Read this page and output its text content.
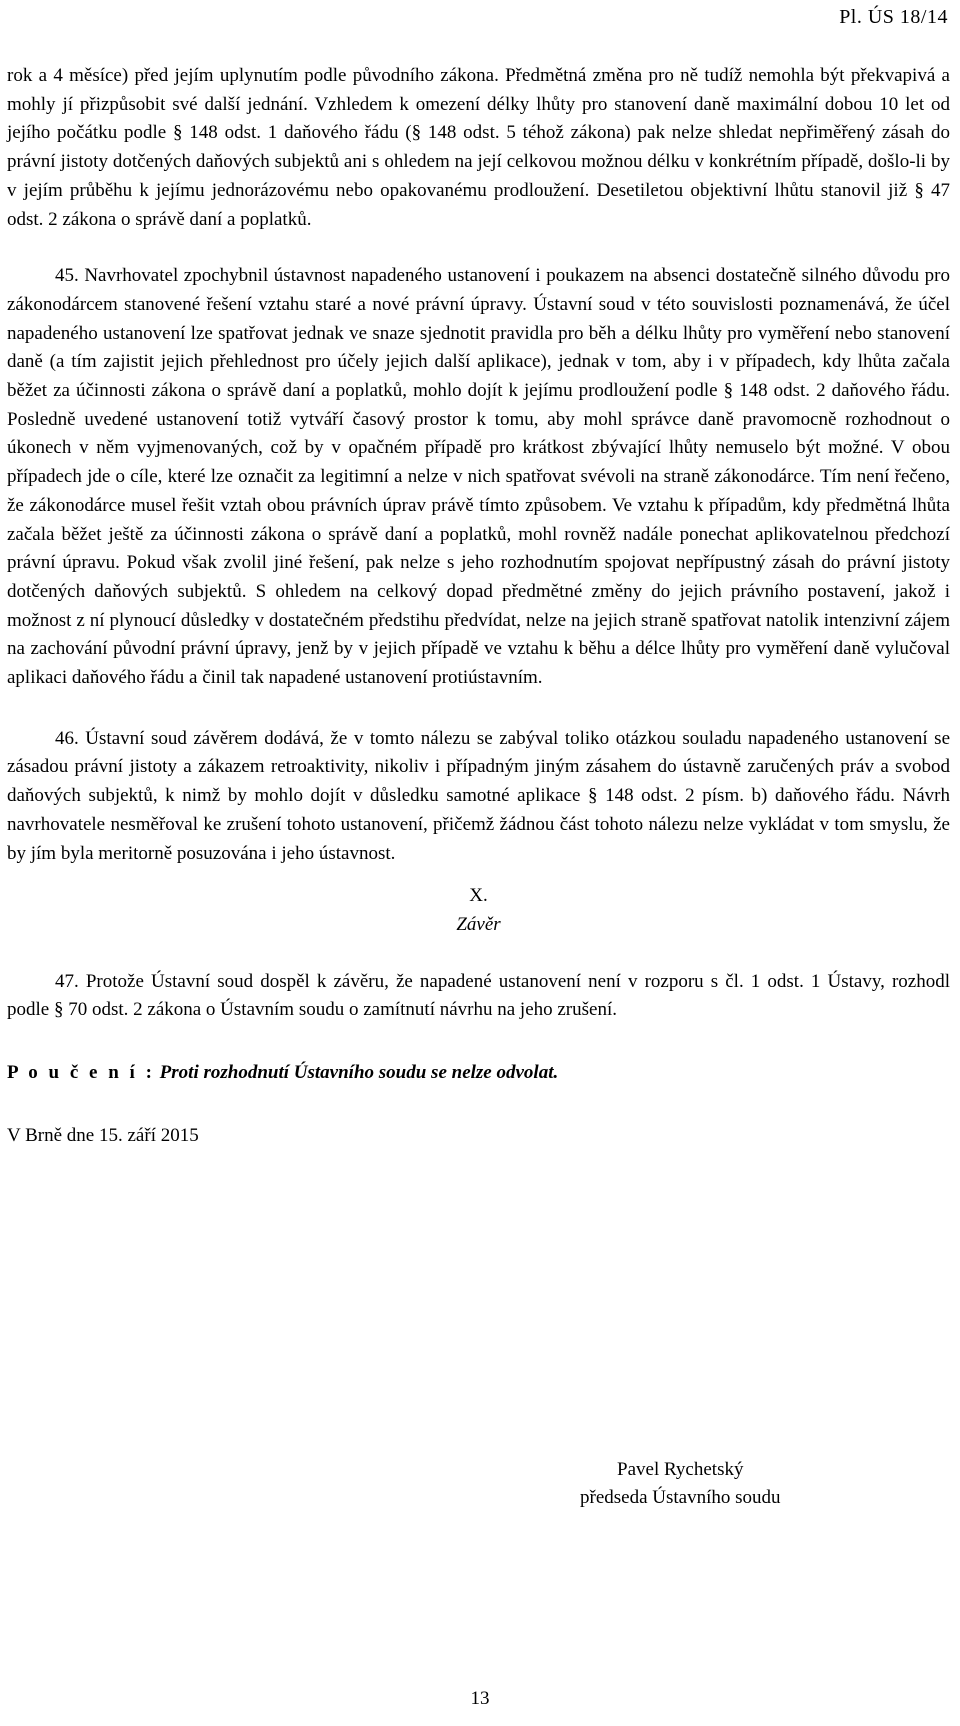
Pl. ÚS 18/14

rok a 4 měsíce) před jejím uplynutím podle původního zákona. Předmětná změna pro ně tudíž nemohla být překvapivá a mohly jí přizpůsobit své další jednání. Vzhledem k omezení délky lhůty pro stanovení daně maximální dobou 10 let od jejího počátku podle § 148 odst. 1 daňového řádu (§ 148 odst. 5 téhož zákona) pak nelze shledat nepřiměřený zásah do právní jistoty dotčených daňových subjektů ani s ohledem na její celkovou možnou délku v konkrétním případě, došlo-li by v jejím průběhu k jejímu jednorázovému nebo opakovanému prodloužení. Desetiletou objektivní lhůtu stanovil již § 47 odst. 2 zákona o správě daní a poplatků.

45. Navrhovatel zpochybnil ústavnost napadeného ustanovení i poukazem na absenci dostatečně silného důvodu pro zákonodárcem stanovené řešení vztahu staré a nové právní úpravy. Ústavní soud v této souvislosti poznamenává, že účel napadeného ustanovení lze spatřovat jednak ve snaze sjednotit pravidla pro běh a délku lhůty pro vyměření nebo stanovení daně (a tím zajistit jejich přehlednost pro účely jejich další aplikace), jednak v tom, aby i v případech, kdy lhůta začala běžet za účinnosti zákona o správě daní a poplatků, mohlo dojít k jejímu prodloužení podle § 148 odst. 2 daňového řádu. Posledně uvedené ustanovení totiž vytváří časový prostor k tomu, aby mohl správce daně pravomocně rozhodnout o úkonech v něm vyjmenovaných, což by v opačném případě pro krátkost zbývající lhůty nemuselo být možné. V obou případech jde o cíle, které lze označit za legitimní a nelze v nich spatřovat svévoli na straně zákonodárce. Tím není řečeno, že zákonodárce musel řešit vztah obou právních úprav právě tímto způsobem. Ve vztahu k případům, kdy předmětná lhůta začala běžet ještě za účinnosti zákona o správě daní a poplatků, mohl rovněž nadále ponechat aplikovatelnou předchozí právní úpravu. Pokud však zvolil jiné řešení, pak nelze s jeho rozhodnutím spojovat nepřípustný zásah do právní jistoty dotčených daňových subjektů. S ohledem na celkový dopad předmětné změny do jejich právního postavení, jakož i možnost z ní plynoucí důsledky v dostatečném předstihu předvídat, nelze na jejich straně spatřovat natolik intenzivní zájem na zachování původní právní úpravy, jenž by v jejich případě ve vztahu k běhu a délce lhůty pro vyměření daně vylučoval aplikaci daňového řádu a činil tak napadené ustanovení protiústavním.

46. Ústavní soud závěrem dodává, že v tomto nálezu se zabýval toliko otázkou souladu napadeného ustanovení se zásadou právní jistoty a zákazem retroaktivity, nikoliv i případným jiným zásahem do ústavně zaručených práv a svobod daňových subjektů, k nimž by mohlo dojít v důsledku samotné aplikace § 148 odst. 2 písm. b) daňového řádu. Návrh navrhovatele nesměřoval ke zrušení tohoto ustanovení, přičemž žádnou část tohoto nálezu nelze vykládat v tom smyslu, že by jím byla meritorně posuzována i jeho ústavnost.

X.

Závěr

47. Protože Ústavní soud dospěl k závěru, že napadené ustanovení není v rozporu s čl. 1 odst. 1 Ústavy, rozhodl podle § 70 odst. 2 zákona o Ústavním soudu o zamítnutí návrhu na jeho zrušení.

P o u č e n í : Proti rozhodnutí Ústavního soudu se nelze odvolat.

V Brně dne 15. září 2015

Pavel Rychetský
předseda Ústavního soudu
13
